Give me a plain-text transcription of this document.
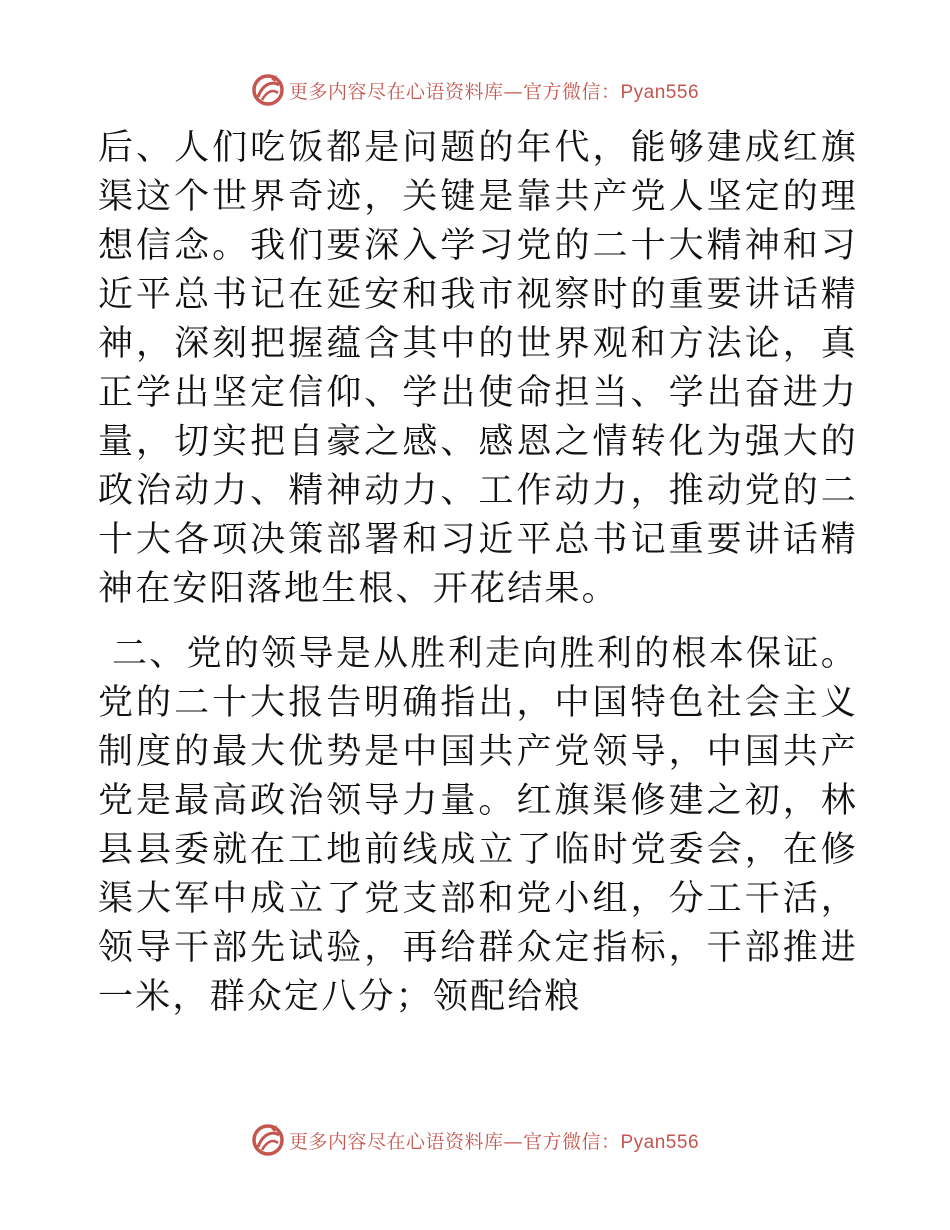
更多内容尽在心语资料库—官方微信：Pyan556

后、人们吃饭都是问题的年代，能够建成红旗渠这个世界奇迹，关键是靠共产党人坚定的理想信念。我们要深入学习党的二十大精神和习近平总书记在延安和我市视察时的重要讲话精神，深刻把握蕴含其中的世界观和方法论，真正学出坚定信仰、学出使命担当、学出奋进力量，切实把自豪之感、感恩之情转化为强大的政治动力、精神动力、工作动力，推动党的二十大各项决策部署和习近平总书记重要讲话精神在安阳落地生根、开花结果。

二、党的领导是从胜利走向胜利的根本保证。党的二十大报告明确指出，中国特色社会主义制度的最大优势是中国共产党领导，中国共产党是最高政治领导力量。红旗渠修建之初，林县县委就在工地前线成立了临时党委会，在修渠大军中成立了党支部和党小组，分工干活，领导干部先试验，再给群众定指标，干部推进一米，群众定八分；领配给粮

更多内容尽在心语资料库—官方微信：Pyan556
